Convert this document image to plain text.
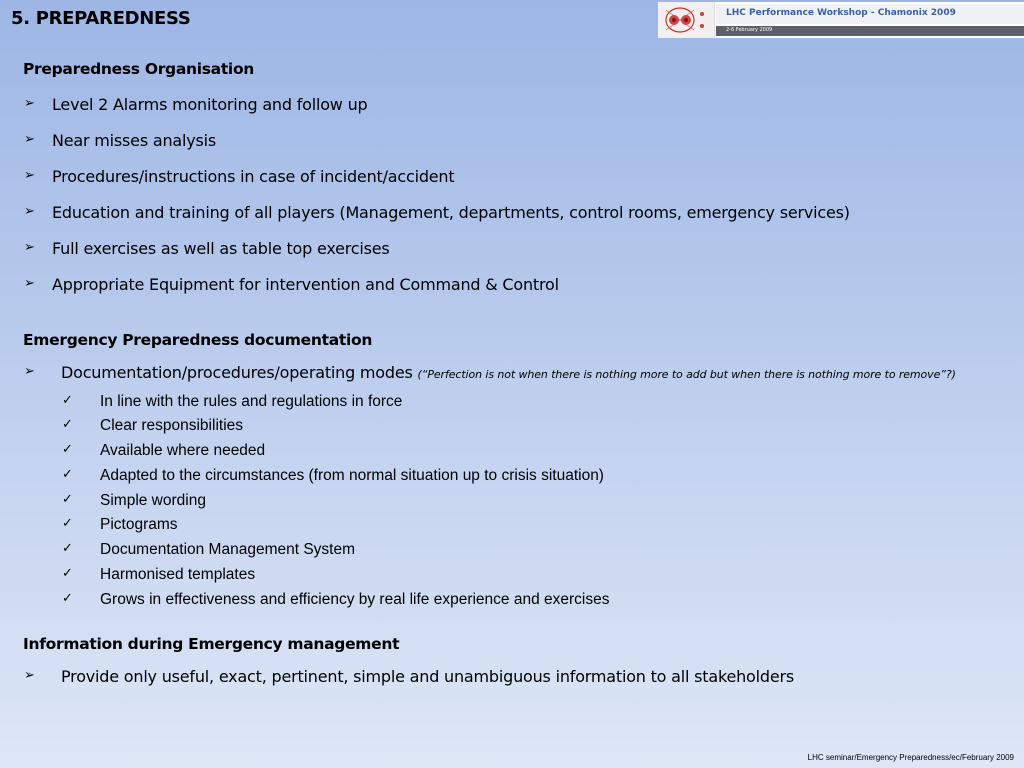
5. PREPAREDNESS	LHC Performance Workshop - Chamonix 2009
2-6 February 2009
Preparedness Organisation
➢ Level 2 Alarms monitoring and follow up
➢ Near misses analysis
➢ Procedures/instructions in case of incident/accident
➢ Education and training of all players (Management, departments, control rooms, emergency services)
➢ Full exercises as well as table top exercises
➢ Appropriate Equipment for intervention and Command & Control
Emergency Preparedness documentation
➢ Documentation/procedures/operating modes (“Perfection is not when there is nothing more to add but when there is nothing more to remove”?)
✓ In line with the rules and regulations in force
✓ Clear responsibilities
✓ Available where needed
✓ Adapted to the circumstances (from normal situation up to crisis situation)
✓ Simple wording
✓ Pictograms
✓ Documentation Management System
✓ Harmonised templates
✓ Grows in effectiveness and efficiency by real life experience and exercises
Information during Emergency management
➢ Provide only useful, exact, pertinent, simple and unambiguous information to all stakeholders
LHC seminar/Emergency Preparedness/ec/February 2009
